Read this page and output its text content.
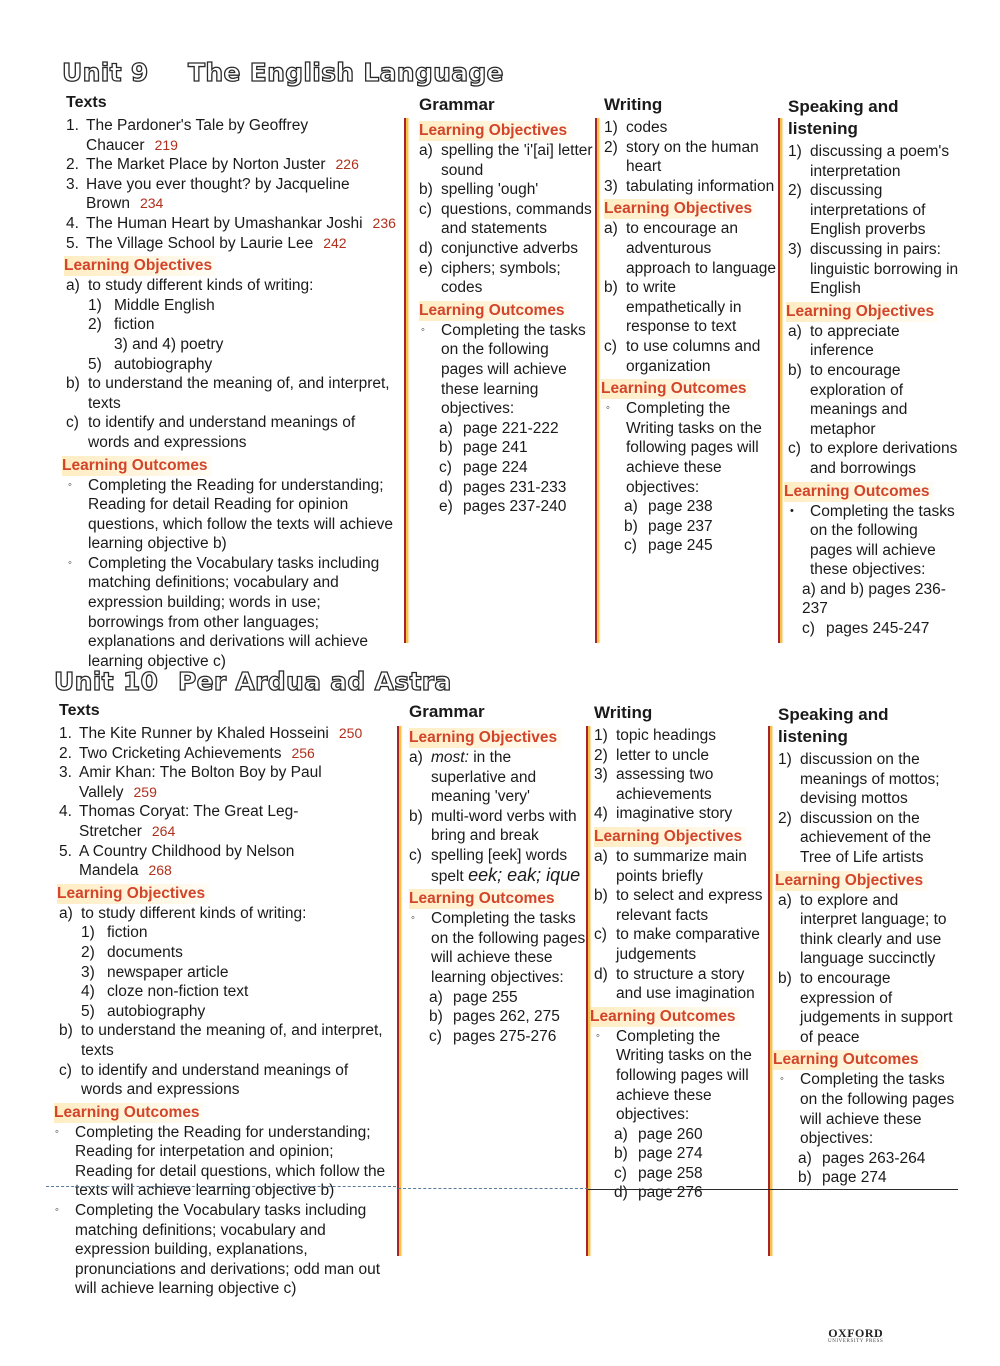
Unit 9 The English Language
Texts
1. The Pardoner's Tale by Geoffrey Chaucer 219
2. The Market Place by Norton Juster 226
3. Have you ever thought? by Jacqueline Brown 234
4. The Human Heart by Umashankar Joshi 236
5. The Village School by Laurie Lee 242
Learning Objectives
a) to study different kinds of writing:
1) Middle English
2) fiction
3) and 4) poetry
5) autobiography
b) to understand the meaning of, and interpret, texts
c) to identify and understand meanings of words and expressions
Learning Outcomes
◦	Completing the Reading for understanding; Reading for detail Reading for opinion questions, which follow the texts will achieve learning objective b)
◦	Completing the Vocabulary tasks including matching definitions; vocabulary and expression building; words in use; borrowings from other languages; explanations and derivations will achieve learning objective c)
Grammar
Learning Objectives
a) spelling the 'i'[ai] letter sound
b) spelling 'ough'
c) questions, commands and statements
d) conjunctive adverbs
e) ciphers; symbols; codes
Learning Outcomes
◦	Completing the tasks on the following pages will achieve these learning objectives:
a) page 221-222
b) page 241
c) page 224
d) pages 231-233
e) pages 237-240
Writing
1) codes
2) story on the human heart
3) tabulating information
Learning Objectives
a) to encourage an adventurous approach to language
b) to write empathetically in response to text
c) to use columns and organization
Learning Outcomes
◦	Completing the Writing tasks on the following pages will achieve these objectives:
a) page 238
b) page 237
c) page 245
Speaking and listening
1) discussing a poem's interpretation
2) discussing interpretations of English proverbs
3) discussing in pairs: linguistic borrowing in English
Learning Objectives
a) to appreciate inference
b) to encourage exploration of meanings and metaphor
c) to explore derivations and borrowings
Learning Outcomes
•	Completing the tasks on the following pages will achieve these objectives:
a) and b) pages 236-237
c) pages 245-247
Unit 10 Per Ardua ad Astra
Texts
1. The Kite Runner by Khaled Hosseini 250
2. Two Cricketing Achievements 256
3. Amir Khan: The Bolton Boy by Paul Vallely 259
4. Thomas Coryat: The Great Leg-Stretcher 264
5. A Country Childhood by Nelson Mandela 268
Learning Objectives
a) to study different kinds of writing:
1) fiction
2) documents
3) newspaper article
4) cloze non-fiction text
5) autobiography
b) to understand the meaning of, and interpret, texts
c) to identify and understand meanings of words and expressions
Learning Outcomes
◦	Completing the Reading for understanding; Reading for interpetation and opinion; Reading for detail questions, which follow the texts will achieve learning objective b)
◦	Completing the Vocabulary tasks including matching definitions; vocabulary and expression building, explanations, pronunciations and derivations; odd man out will achieve learning objective c)
Grammar
Learning Objectives
a) most: in the superlative and meaning 'very'
b) multi-word verbs with bring and break
c) spelling [eek] words spelt eek; eak; ique
Learning Outcomes
◦	Completing the tasks on the following pages will achieve these learning objectives:
a) page 255
b) pages 262, 275
c) pages 275-276
Writing
1) topic headings
2) letter to uncle
3) assessing two achievements
4) imaginative story
Learning Objectives
a) to summarize main points briefly
b) to select and express relevant facts
c) to make comparative judgements
d) to structure a story and use imagination
Learning Outcomes
◦	Completing the Writing tasks on the following pages will achieve these objectives:
a) page 260
b) page 274
c) page 258
d) page 276
Speaking and listening
1) discussion on the meanings of mottos; devising mottos
2) discussion on the achievement of the Tree of Life artists
Learning Objectives
a) to explore and interpret language; to think clearly and use language succinctly
b) to encourage expression of judgements in support of peace
Learning Outcomes
◦	Completing the tasks on the following pages will achieve these objectives:
a) pages 263-264
b) page 274
OXFORD
UNIVERSITY PRESS
